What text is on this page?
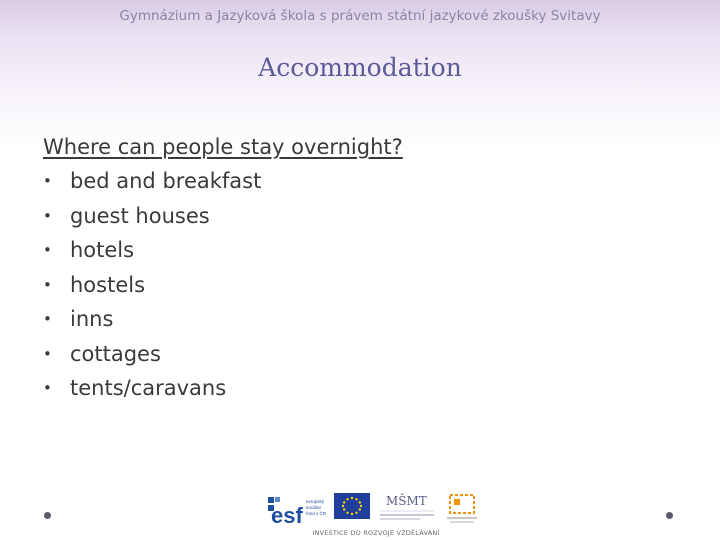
Gymnázium a Jazyková škola s právem státní jazykové zkoušky Svitavy
Accommodation
Where can people stay overnight?
• bed and breakfast
• guest houses
• hotels
• hostels
• inns
• cottages
• tents/caravans
esf
evropský
sociální
fond v ČR
MŠMT
INVESTICE DO ROZVOJE VZDĚLÁVÁNÍ
